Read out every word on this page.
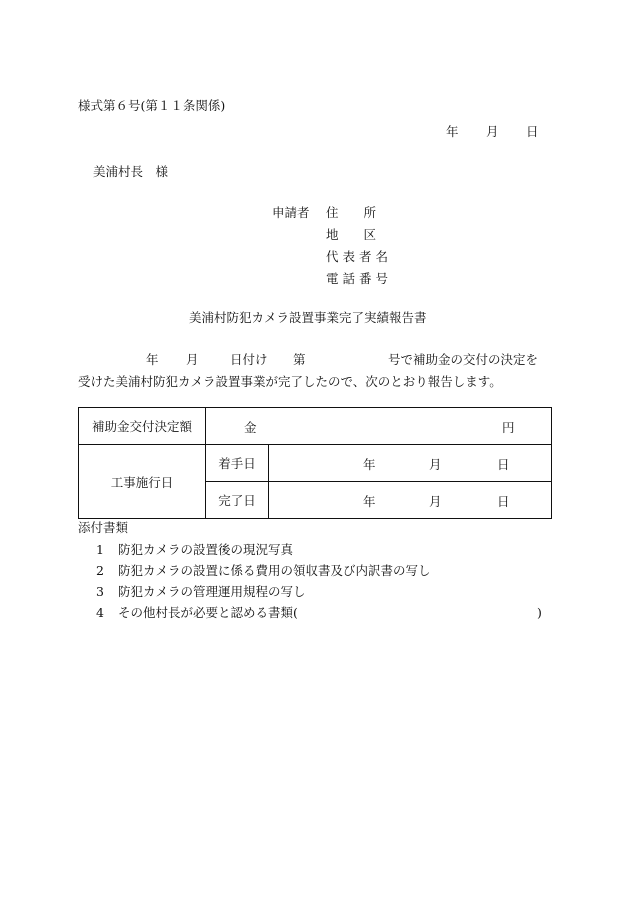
様式第６号(第１１条関係)
年 月 日
美浦村長　様
申請者 住　　所
地　　区
代表者名
電話番号
美浦村防犯カメラ設置事業完了実績報告書
年 月	日付け 第	号で補助金の交付の決定を
受けた美浦村防犯カメラ設置事業が完了したので、次のとおり報告します。
補助金交付決定額	金 円	

工事施行日	着手日	年 月 日

	完了日	年 月 日
添付書類
1 防犯カメラの設置後の現況写真
2 防犯カメラの設置に係る費用の領収書及び内訳書の写し
3 防犯カメラの管理運用規程の写し
4 その他村長が必要と認める書類(	)
